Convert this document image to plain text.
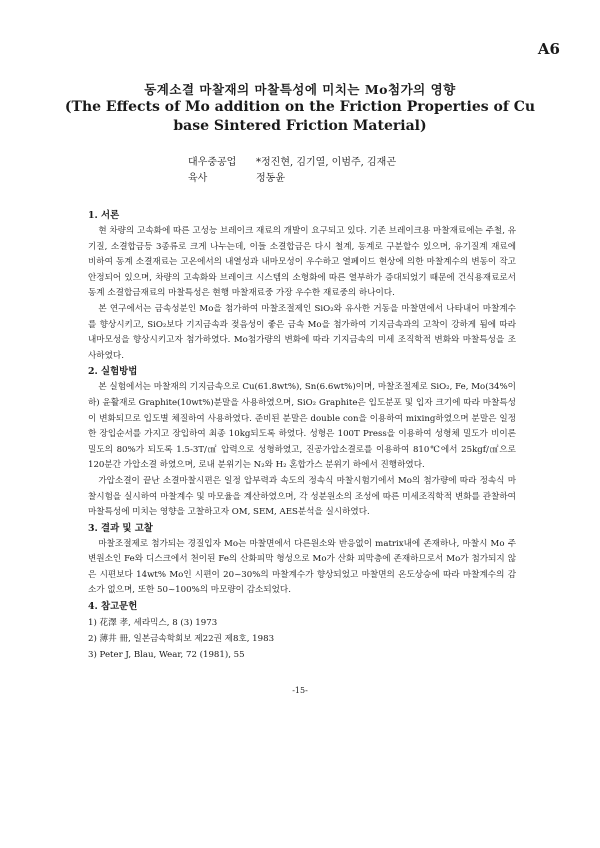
A6
동계소결 마찰재의 마찰특성에 미치는 Mo첨가의 영향
(The Effects of Mo addition on the Friction Properties of Cu
base Sintered Friction Material)
대우중공업	*정진현, 김기열, 이범주, 김재곤
육사	정동윤
1. 서론

현 차량의 고속화에 따른 고성능 브레이크 재료의 개발이 요구되고 있다. 기존 브레이크용 마찰재료에는 주철, 유기질, 소결합금등 3종류로 크게 나누는데, 이들 소결합금은 다시 철계, 동계로 구분할수 있으며, 유기질계 재료에 비하여 동계 소결재료는 고온에서의 내열성과 내마모성이 우수하고 열페이드 현상에 의한 마찰계수의 변동이 작고 안정되어 있으며, 차량의 고속화와 브레이크 시스템의 소형화에 따른 열부하가 증대되었기 때문에 건식용재료로서 동계 소결합금재료의 마찰특성은 현행 마찰재료중 가장 우수한 재료중의 하나이다.

본 연구에서는 금속성분인 Mo을 첨가하여 마찰조절제인 SiO₂와 유사한 거동을 마찰면에서 나타내어 마찰계수를 향상시키고, SiO₂보다 기지금속과 젖음성이 좋은 금속 Mo을 첨가하여 기지금속과의 고착이 강하게 됨에 따라 내마모성을 향상시키고자 첨가하였다. Mo첨가량의 변화에 따라 기지금속의 미세 조직학적 변화와 마찰특성을 조사하였다.

2. 실험방법

본 실험에서는 마찰재의 기지금속으로 Cu(61.8wt%), Sn(6.6wt%)이며, 마찰조절제로 SiO₂, Fe, Mo(34%이하) 윤활재로 Graphite(10wt%)분말을 사용하였으며, SiO₂ Graphite은 입도분포 및 입자 크기에 따라 마찰특성이 변화되므로 입도별 체질하여 사용하였다. 준비된 분말은 double con을 이용하여 mixing하였으며 분말은 일정한 장입순서를 가지고 장입하여 최종 10kg되도록 하였다. 성형은 100T Press을 이용하여 성형체 밀도가 비이론밀도의 80%가 되도록 1.5-3T/㎠ 압력으로 성형하였고, 진공가압소결로를 이용하여 810℃에서 25kgf/㎠으로 120분간 가압소결 하였으며, 로내 분위기는 N₂와 H₂ 혼합가스 분위기 하에서 진행하였다.

가압소결이 끝난 소결마찰시편은 일정 압부력과 속도의 정속식 마찰시험기에서 Mo의 첨가량에 따라 정속식 마찰시험을 실시하여 마찰계수 및 마모율을 계산하였으며, 각 성분원소의 조성에 따른 미세조직학적 변화를 관찰하여 마찰특성에 미치는 영향을 고찰하고자 OM, SEM, AES분석을 실시하였다.

3. 결과 및 고찰

마찰조절제로 첨가되는 경질입자 Mo는 마찰면에서 다른원소와 반응없이 matrix내에 존재하나, 마찰시 Mo 주변원소인 Fe와 디스크에서 천이된 Fe의 산화피막 형성으로 Mo가 산화 피막층에 존재하므로서 Mo가 첨가되지 않은 시편보다 14wt% Mo인 시편이 20~30%의 마찰계수가 향상되었고 마찰면의 온도상승에 따라 마찰계수의 감소가 없으며, 또한 50~100%의 마모량이 감소되었다.

4. 참고문헌
1) 花澤 孝, 세라믹스, 8 (3) 1973
2) 薄井 冊, 일본금속학회보 제22권 제8호, 1983
3) Peter J, Blau, Wear, 72 (1981), 55
-15-
